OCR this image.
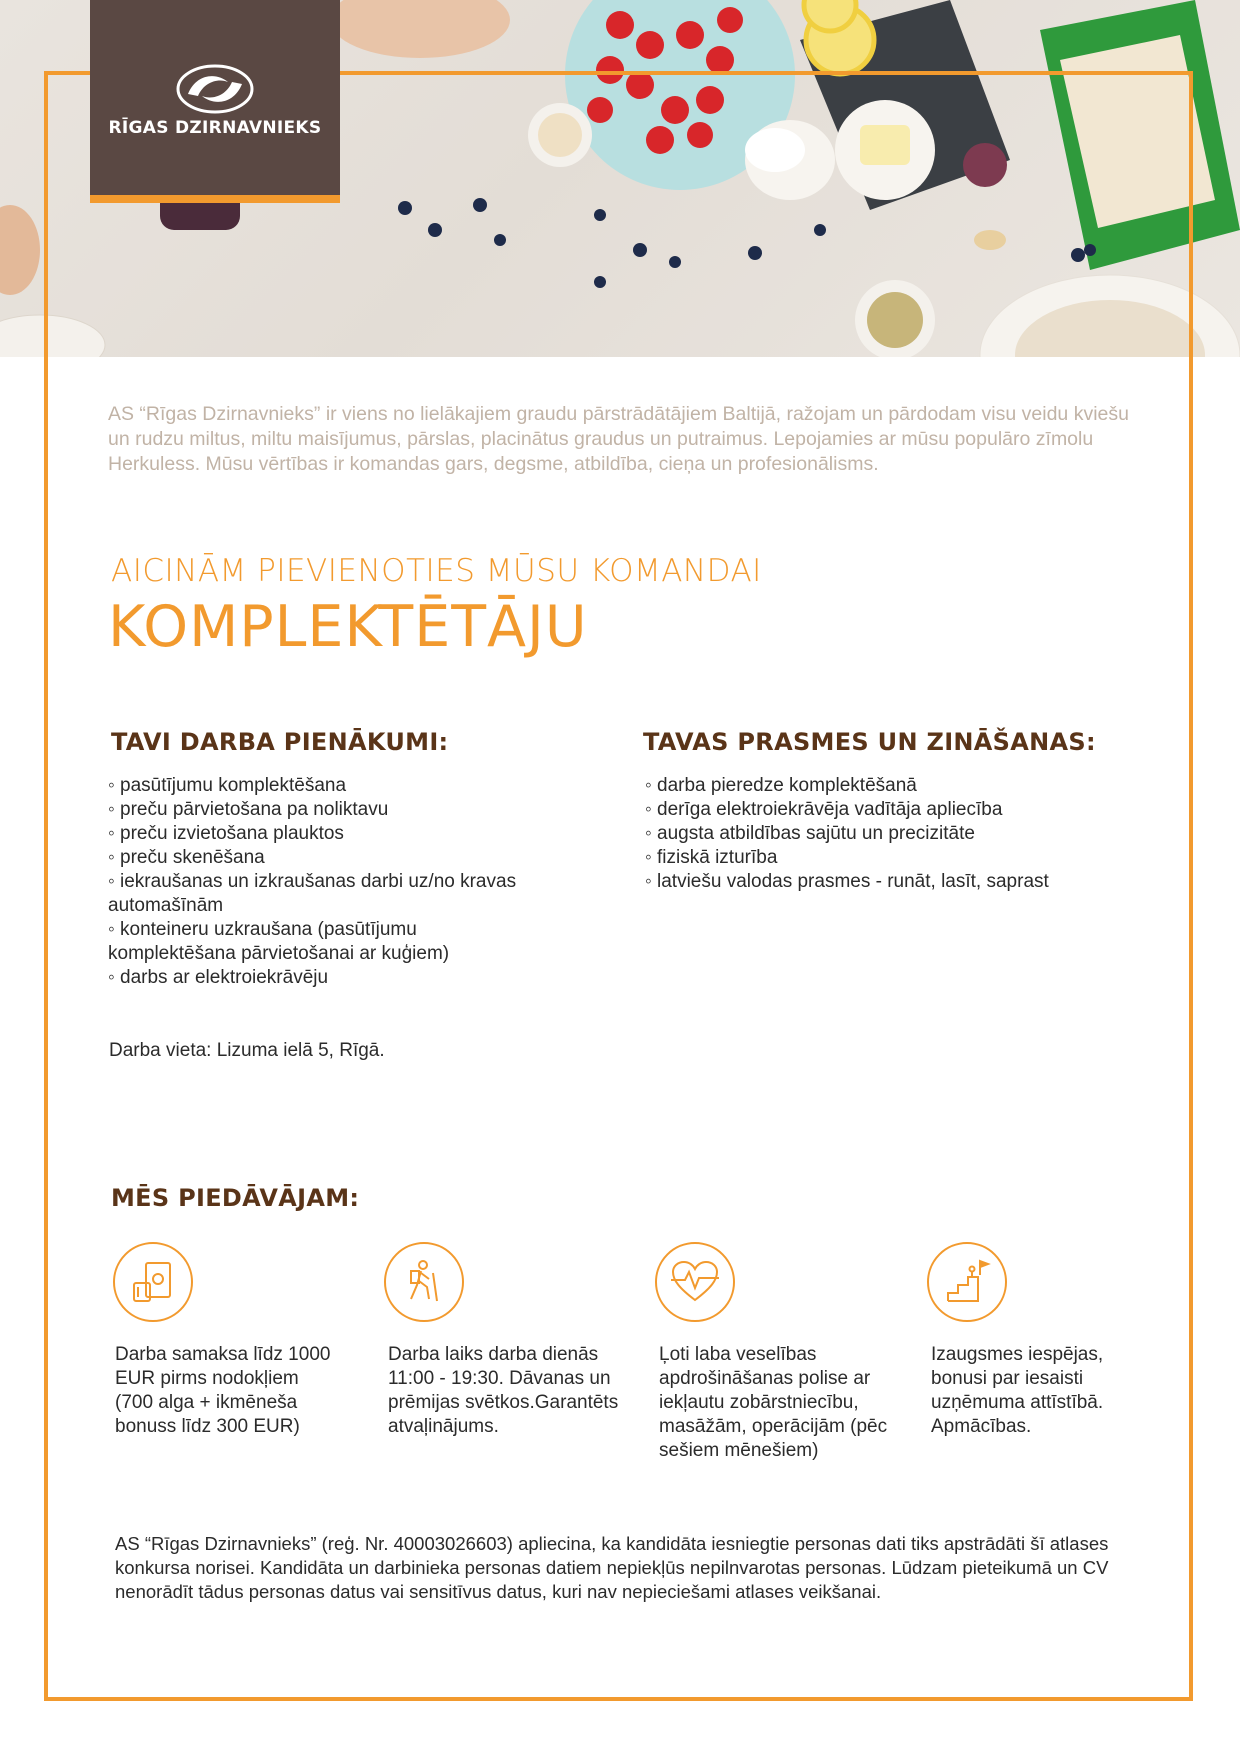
RĪGAS DZIRNAVNIEKS
AS “Rīgas Dzirnavnieks” ir viens no lielākajiem graudu pārstrādātājiem Baltijā, ražojam un pārdodam visu veidu kviešu un rudzu miltus, miltu maisījumus, pārslas, placinātus graudus un putraimus. Lepojamies ar mūsu populāro zīmolu Herkuless. Mūsu vērtības ir komandas gars, degsme, atbildība, cieņa un profesionālisms.
AICINĀM PIEVIENOTIES MŪSU KOMANDAI
KOMPLEKTĒTĀJU
TAVI DARBA PIENĀKUMI:
◦ pasūtījumu komplektēšana
◦ preču pārvietošana pa noliktavu
◦ preču izvietošana plauktos
◦ preču skenēšana
◦ iekraušanas un izkraušanas darbi uz/no kravas automašīnām
◦ konteineru uzkraušana (pasūtījumu komplektēšana pārvietošanai ar kuģiem)
◦ darbs ar elektroiekrāvēju
TAVAS PRASMES UN ZINĀŠANAS:
◦ darba pieredze komplektēšanā
◦ derīga elektroiekrāvēja vadītāja apliecība
◦ augsta atbildības sajūtu un precizitāte
◦ fiziskā izturība
◦ latviešu valodas prasmes - runāt, lasīt, saprast
Darba vieta: Lizuma ielā 5, Rīgā.
MĒS PIEDĀVĀJAM:
Darba samaksa līdz 1000 EUR pirms nodokļiem (700 alga + ikmēneša bonuss līdz 300 EUR)
Darba laiks darba dienās 11:00 - 19:30. Dāvanas un prēmijas svētkos.Garantēts atvaļinājums.
Ļoti laba veselības apdrošināšanas polise ar iekļautu zobārstniecību, masāžām, operācijām (pēc sešiem mēnešiem)
Izaugsmes iespējas, bonusi par iesaisti uzņēmuma attīstībā. Apmācības.
AS “Rīgas Dzirnavnieks” (reģ. Nr. 40003026603) apliecina, ka kandidāta iesniegtie personas dati tiks apstrādāti šī atlases konkursa norisei. Kandidāta un darbinieka personas datiem nepiekļūs nepilnvarotas personas. Lūdzam pieteikumā un CV nenorādīt tādus personas datus vai sensitīvus datus, kuri nav nepieciešami atlases veikšanai.
